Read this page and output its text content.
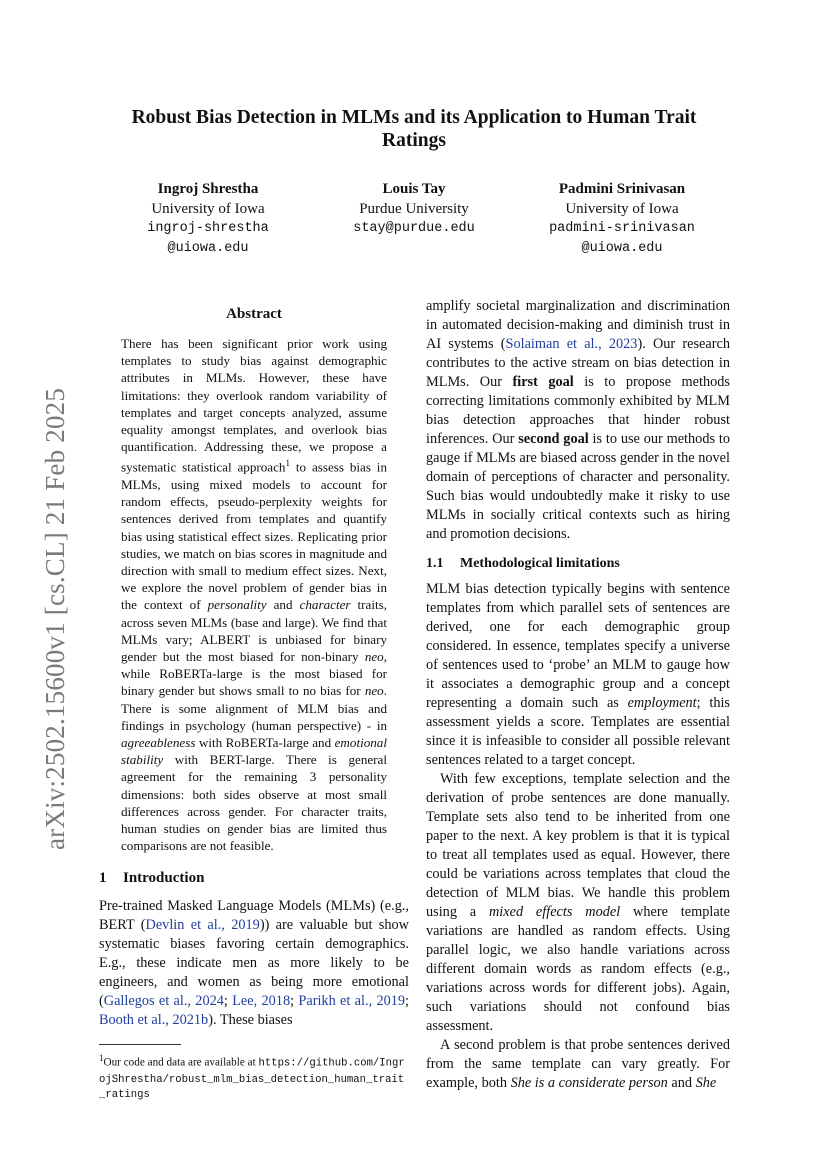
arXiv:2502.15600v1 [cs.CL] 21 Feb 2025
Robust Bias Detection in MLMs and its Application to Human Trait Ratings
Ingroj Shrestha
University of Iowa
ingroj-shrestha
@uiowa.edu
Louis Tay
Purdue University
stay@purdue.edu
Padmini Srinivasan
University of Iowa
padmini-srinivasan
@uiowa.edu
Abstract

There has been significant prior work using templates to study bias against demographic attributes in MLMs. However, these have limitations: they overlook random variability of templates and target concepts analyzed, assume equality amongst templates, and overlook bias quantification. Addressing these, we propose a systematic statistical approach$^1$ to assess bias in MLMs, using mixed models to account for random effects, pseudo-perplexity weights for sentences derived from templates and quantify bias using statistical effect sizes. Replicating prior studies, we match on bias scores in magnitude and direction with small to medium effect sizes. Next, we explore the novel problem of gender bias in the context of personality and character traits, across seven MLMs (base and large). We find that MLMs vary; ALBERT is unbiased for binary gender but the most biased for non-binary neo, while RoBERTa-large is the most biased for binary gender but shows small to no bias for neo. There is some alignment of MLM bias and findings in psychology (human perspective) - in agreeableness with RoBERTa-large and emotional stability with BERT-large. There is general agreement for the remaining 3 personality dimensions: both sides observe at most small differences across gender. For character traits, human studies on gender bias are limited thus comparisons are not feasible.

1 Introduction

Pre-trained Masked Language Models (MLMs) (e.g., BERT (Devlin et al., 2019)) are valuable but show systematic biases favoring certain demographics. E.g., these indicate men as more likely to be engineers, and women as being more emotional (Gallegos et al., 2024; Lee, 2018; Parikh et al., 2019; Booth et al., 2021b). These biases

$^1$Our code and data are available at https://github.com/IngrojShrestha/robust_mlm_bias_detection_human_trait_ratings

amplify societal marginalization and discrimination in automated decision-making and diminish trust in AI systems (Solaiman et al., 2023). Our research contributes to the active stream on bias detection in MLMs. Our first goal is to propose methods correcting limitations commonly exhibited by MLM bias detection approaches that hinder robust inferences. Our second goal is to use our methods to gauge if MLMs are biased across gender in the novel domain of perceptions of character and personality. Such bias would undoubtedly make it risky to use MLMs in socially critical contexts such as hiring and promotion decisions.

1.1 Methodological limitations

MLM bias detection typically begins with sentence templates from which parallel sets of sentences are derived, one for each demographic group considered. In essence, templates specify a universe of sentences used to ‘probe’ an MLM to gauge how it associates a demographic group and a concept representing a domain such as employment; this assessment yields a score. Templates are essential since it is infeasible to consider all possible relevant sentences related to a target concept.

With few exceptions, template selection and the derivation of probe sentences are done manually. Template sets also tend to be inherited from one paper to the next. A key problem is that it is typical to treat all templates used as equal. However, there could be variations across templates that cloud the detection of MLM bias. We handle this problem using a mixed effects model where template variations are handled as random effects. Using parallel logic, we also handle variations across different domain words as random effects (e.g., variations across words for different jobs). Again, such variations should not confound bias assessment.

A second problem is that probe sentences derived from the same template can vary greatly. For example, both She is a considerate person and She
